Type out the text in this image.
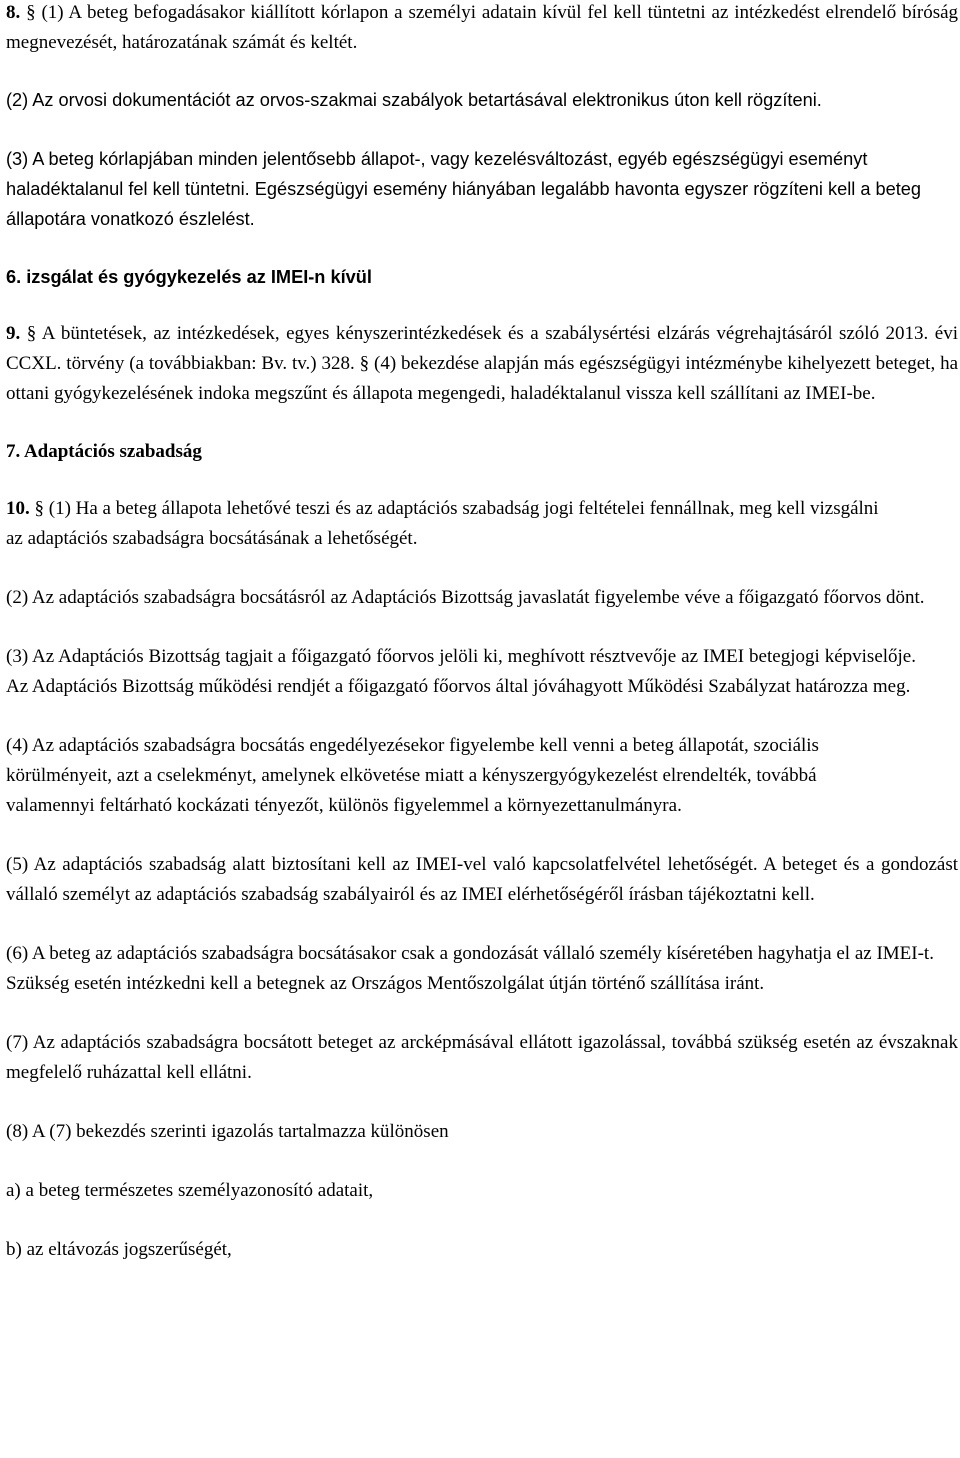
8. § (1) A beteg befogadásakor kiállított kórlapon a személyi adatain kívül fel kell tüntetni az intézkedést elrendelő bíróság megnevezését, határozatának számát és keltét.

(2) Az orvosi dokumentációt az orvos-szakmai szabályok betartásával elektronikus úton kell rögzíteni.

(3) A beteg kórlapjában minden jelentősebb állapot-, vagy kezelésváltozást, egyéb egészségügyi eseményt haladéktalanul fel kell tüntetni. Egészségügyi esemény hiányában legalább havonta egyszer rögzíteni kell a beteg állapotára vonatkozó észlelést.

6. izsgálat és gyógykezelés az IMEI-n kívül

9. § A büntetések, az intézkedések, egyes kényszerintézkedések és a szabálysértési elzárás végrehajtásáról szóló 2013. évi CCXL. törvény (a továbbiakban: Bv. tv.) 328. § (4) bekezdése alapján más egészségügyi intézménybe kihelyezett beteget, ha ottani gyógykezelésének indoka megszűnt és állapota megengedi, haladéktalanul vissza kell szállítani az IMEI-be.

7. Adaptációs szabadság

10. § (1) Ha a beteg állapota lehetővé teszi és az adaptációs szabadság jogi feltételei fennállnak, meg kell vizsgálni az adaptációs szabadságra bocsátásának a lehetőségét.

(2) Az adaptációs szabadságra bocsátásról az Adaptációs Bizottság javaslatát figyelembe véve a főigazgató főorvos dönt.

(3) Az Adaptációs Bizottság tagjait a főigazgató főorvos jelöli ki, meghívott résztvevője az IMEI betegjogi képviselője. Az Adaptációs Bizottság működési rendjét a főigazgató főorvos által jóváhagyott Működési Szabályzat határozza meg.

(4) Az adaptációs szabadságra bocsátás engedélyezésekor figyelembe kell venni a beteg állapotát, szociális körülményeit, azt a cselekményt, amelynek elkövetése miatt a kényszergyógykezelést elrendelték, továbbá valamennyi feltárható kockázati tényezőt, különös figyelemmel a környezettanulmányra.

(5) Az adaptációs szabadság alatt biztosítani kell az IMEI-vel való kapcsolatfelvétel lehetőségét. A beteget és a gondozást vállaló személyt az adaptációs szabadság szabályairól és az IMEI elérhetőségéről írásban tájékoztatni kell.

(6) A beteg az adaptációs szabadságra bocsátásakor csak a gondozását vállaló személy kíséretében hagyhatja el az IMEI-t. Szükség esetén intézkedni kell a betegnek az Országos Mentőszolgálat útján történő szállítása iránt.

(7) Az adaptációs szabadságra bocsátott beteget az arcképmásával ellátott igazolással, továbbá szükség esetén az évszaknak megfelelő ruházattal kell ellátni.

(8) A (7) bekezdés szerinti igazolás tartalmazza különösen

a) a beteg természetes személyazonosító adatait,

b) az eltávozás jogszerűségét,
